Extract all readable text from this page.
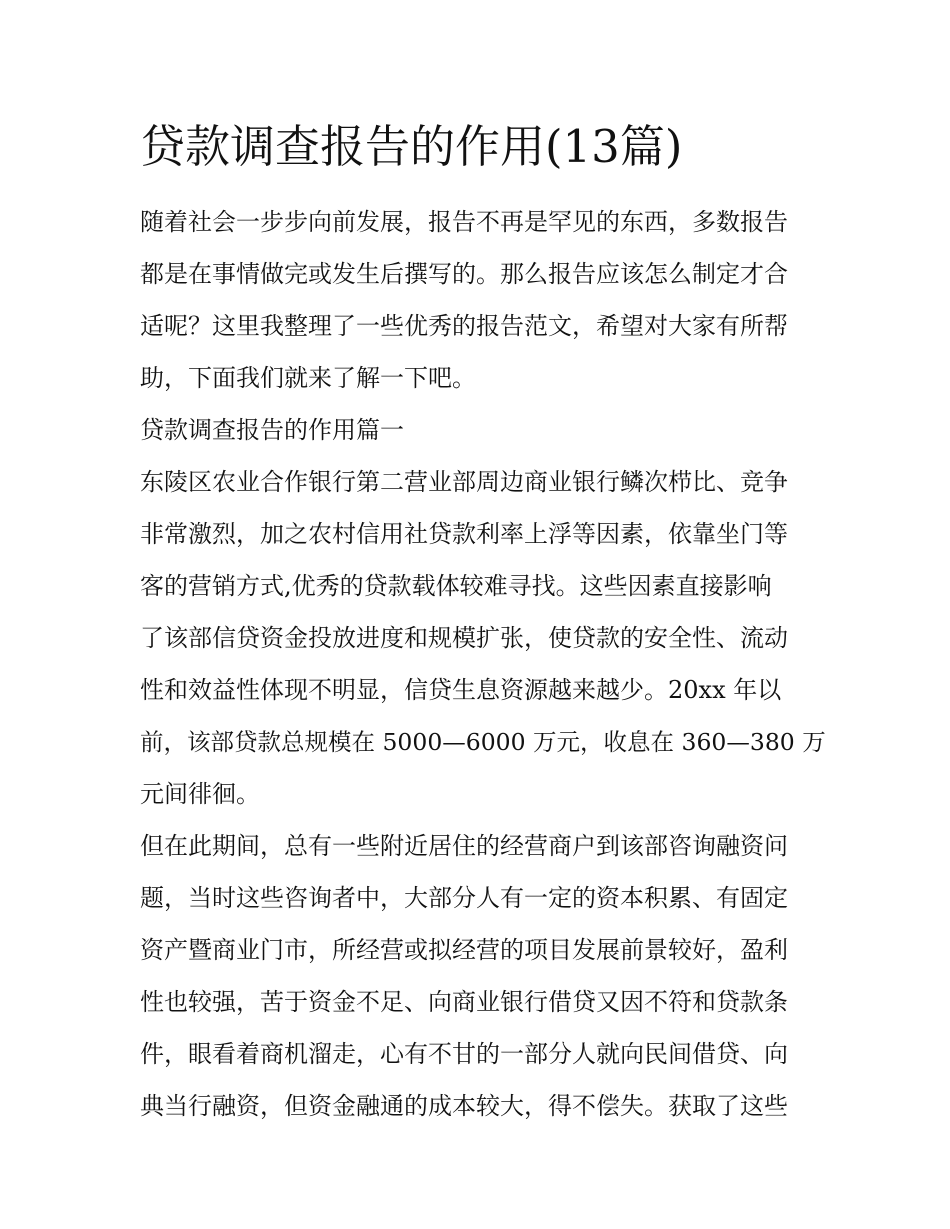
贷款调查报告的作用(13篇)
随着社会一步步向前发展，报告不再是罕见的东西，多数报告
都是在事情做完或发生后撰写的。那么报告应该怎么制定才合
适呢？这里我整理了一些优秀的报告范文，希望对大家有所帮
助，下面我们就来了解一下吧。
贷款调查报告的作用篇一
东陵区农业合作银行第二营业部周边商业银行鳞次栉比、竞争
非常激烈，加之农村信用社贷款利率上浮等因素，依靠坐门等
客的营销方式,优秀的贷款载体较难寻找。这些因素直接影响
了该部信贷资金投放进度和规模扩张，使贷款的安全性、流动
性和效益性体现不明显，信贷生息资源越来越少。20xx 年以
前，该部贷款总规模在 5000—6000 万元，收息在 360—380 万
元间徘徊。
但在此期间，总有一些附近居住的经营商户到该部咨询融资问
题，当时这些咨询者中，大部分人有一定的资本积累、有固定
资产暨商业门市，所经营或拟经营的项目发展前景较好，盈利
性也较强，苦于资金不足、向商业银行借贷又因不符和贷款条
件，眼看着商机溜走，心有不甘的一部分人就向民间借贷、向
典当行融资，但资金融通的成本较大，得不偿失。获取了这些
